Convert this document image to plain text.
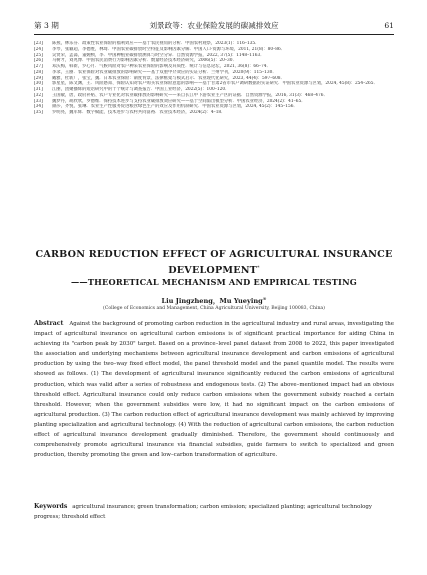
第 3 期	刘景政等：农业保险发展的碳减排效应	61
[23] 陈燕，林乐芬．政策性农业保险的福利效应——基于农民视角的分析．中国农村观察，2023(1)：116–135．
[24] 李琴，张颖超，李德胜，林琦．中国农业碳排放时空特征及影响因素分解．中国人口·资源与环境，2011, 21(8)：80–86．
[25] 吴贤荣，孟淼，董婉桢，李．中国种植业碳排放测算与时空分异．自然资源学报，2022, 37(5)：1148–1163．
[26] 马树才，刘兆博．中国农民消费行为影响因素分析．数量经济技术经济研究，2006(5)：20–30．
[27] 邓沃梅，韩新，罗心月．气候风险对农户种采农业保险的影响及异质性．统计与信息论坛，2021, 36(8)：66–74．
[28] 李录，王丽．农业保险对农业碳排放的影响研究——基于双重中介效应的实证分析．兰州学刊，2020(9)：115–130．
[29] 戴雅，杜新广，张宝，魏．日本农业保险：制度背景、法律框架与模式启示．农业现代化研究，2023, 44(4)：597–608．
[30] 郭星星，陈文渊，王．风险感知、保险认知对农户购买农业保险意愿的影响——基于甘肃2省市农户调研数据的实证研究．中国农业资源与区划，2024, 45(8)：254–265．
[31] 江丽，团聚播辉的短语研究中的十个统计与调查报告．中国工业经济，2022(5)：100–120．
[32] 王国敏，唐，政府补贴、农户专业化对农业碳排放的影响研究——来自长江中下游农业主产区的证据．自然资源学报，2016, 31(3)：468–476．
[33] 魏梦丹，胡欣欣，罗德维．保持技术进步与支持农业碳排放效应研究——基于空间溢出模型分析．中国农业经济，2024(2)：41–65．
[34] 颜莎，齐悦，张琳．农业生产性服务促进粮食绿色生产的效应及作用机制研究．中国农业资源与区划，2024, 45(2)：145–156．
[35] 罗明亮，魏军辉．数字赋能、技术进步与农村共同富裕．农业技术经济，2024(2)：4–18．
CARBON REDUCTION EFFECT OF AGRICULTURAL INSURANCE
DEVELOPMENT*
——THEORETICAL MECHANISM AND EMPIRICAL TESTING
Liu Jingzheng，Mu Yueying※
(College of Economics and Management, China Agricultural University, Beijing 100083, China)

Abstract Against the background of promoting carbon reduction in the agricultural industry and rural areas, investigating the impact of agricultural insurance on agricultural carbon emissions is of significant practical importance for aiding China in achieving its "carbon peak by 2030" target. Based on a province–level panel dataset from 2008 to 2022, this paper investigated the association and underlying mechanisms between agricultural insurance development and carbon emissions of agricultural production by using the two–way fixed effect model, the panel threshold model and the panel quantile model. The results were showed as follows. (1) The development of agricultural insurance significantly reduced the carbon emissions of agricultural production, which was valid after a series of robustness and endogenous tests. (2) The above–mentioned impact had an obvious threshold effect. Agricultural insurance could only reduce carbon emissions when the government subsidy reached a certain threshold. However, when the government subsidies were low, it had no significant impact on the carbon emissions of agricultural production. (3) The carbon reduction effect of agricultural insurance development was mainly achieved by improving planting specialization and agricultural technology. (4) With the reduction of agricultural carbon emissions, the carbon reduction effect of agricultural insurance development gradually diminished. Therefore, the government should continuously and comprehensively promote agricultural insurance via financial subsidies, guide farmers to switch to specialized and green production, thereby promoting the green and low–carbon transformation of agriculture.

Keywords agricultural insurance; green transformation; carbon emission; specialized planting; agricultural technology progress; threshold effect
